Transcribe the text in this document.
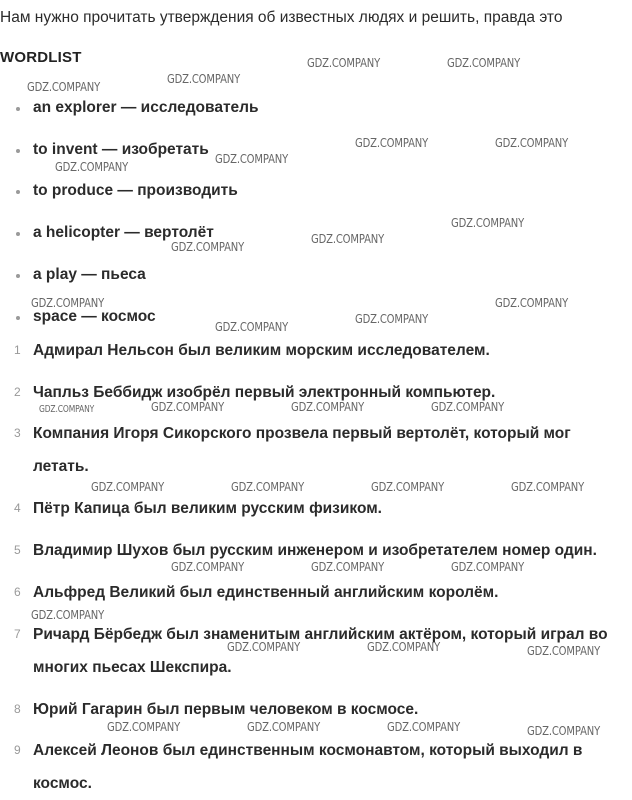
Нам нужно прочитать утверждения об известных людях и решить, правда это
WORDLIST
an explorer — исследователь
to invent — изобретать
to produce — производить
a helicopter — вертолёт
a play — пьеса
space — космос
1 Адмирал Нельсон был великим морским исследователем.
2 Чапльз Беббидж изобрёл первый электронный компьютер.
3 Компания Игоря Сикорского прозвела первый вертолёт, который мог летать.
4 Пётр Капица был великим русским физиком.
5 Владимир Шухов был русским инженером и изобретателем номер один.
6 Альфред Великий был единственный английским королём.
7 Ричард Бёрбедж был знаменитым английским актёром, который играл во многих пьесах Шекспира.
8 Юрий Гагарин был первым человеком в космосе.
9 Алексей Леонов был единственным космонавтом, который выходил в космос.
GDZ.COMPANY
GDZ.COMPANY
GDZ.COMPANY	GDZ.COMPANY
GDZ.COMPANY	GDZ.COMPANY
GDZ.COMPANY
GDZ.COMPANY
GDZ.COMPANY
GDZ.COMPANY
GDZ.COMPANY
GDZ.COMPANY	GDZ.COMPANY
GDZ.COMPANY
GDZ.COMPANY
GDZ.COMPANY	GDZ.COMPANY	GDZ.COMPANY	GDZ.COMPANY
GDZ.COMPANY	GDZ.COMPANY	GDZ.COMPANY	GDZ.COMPANY
GDZ.COMPANY	GDZ.COMPANY	GDZ.COMPANY
GDZ.COMPANY
GDZ.COMPANY	GDZ.COMPANY	GDZ.COMPANY
GDZ.COMPANY	GDZ.COMPANY	GDZ.COMPANY	GDZ.COMPANY
